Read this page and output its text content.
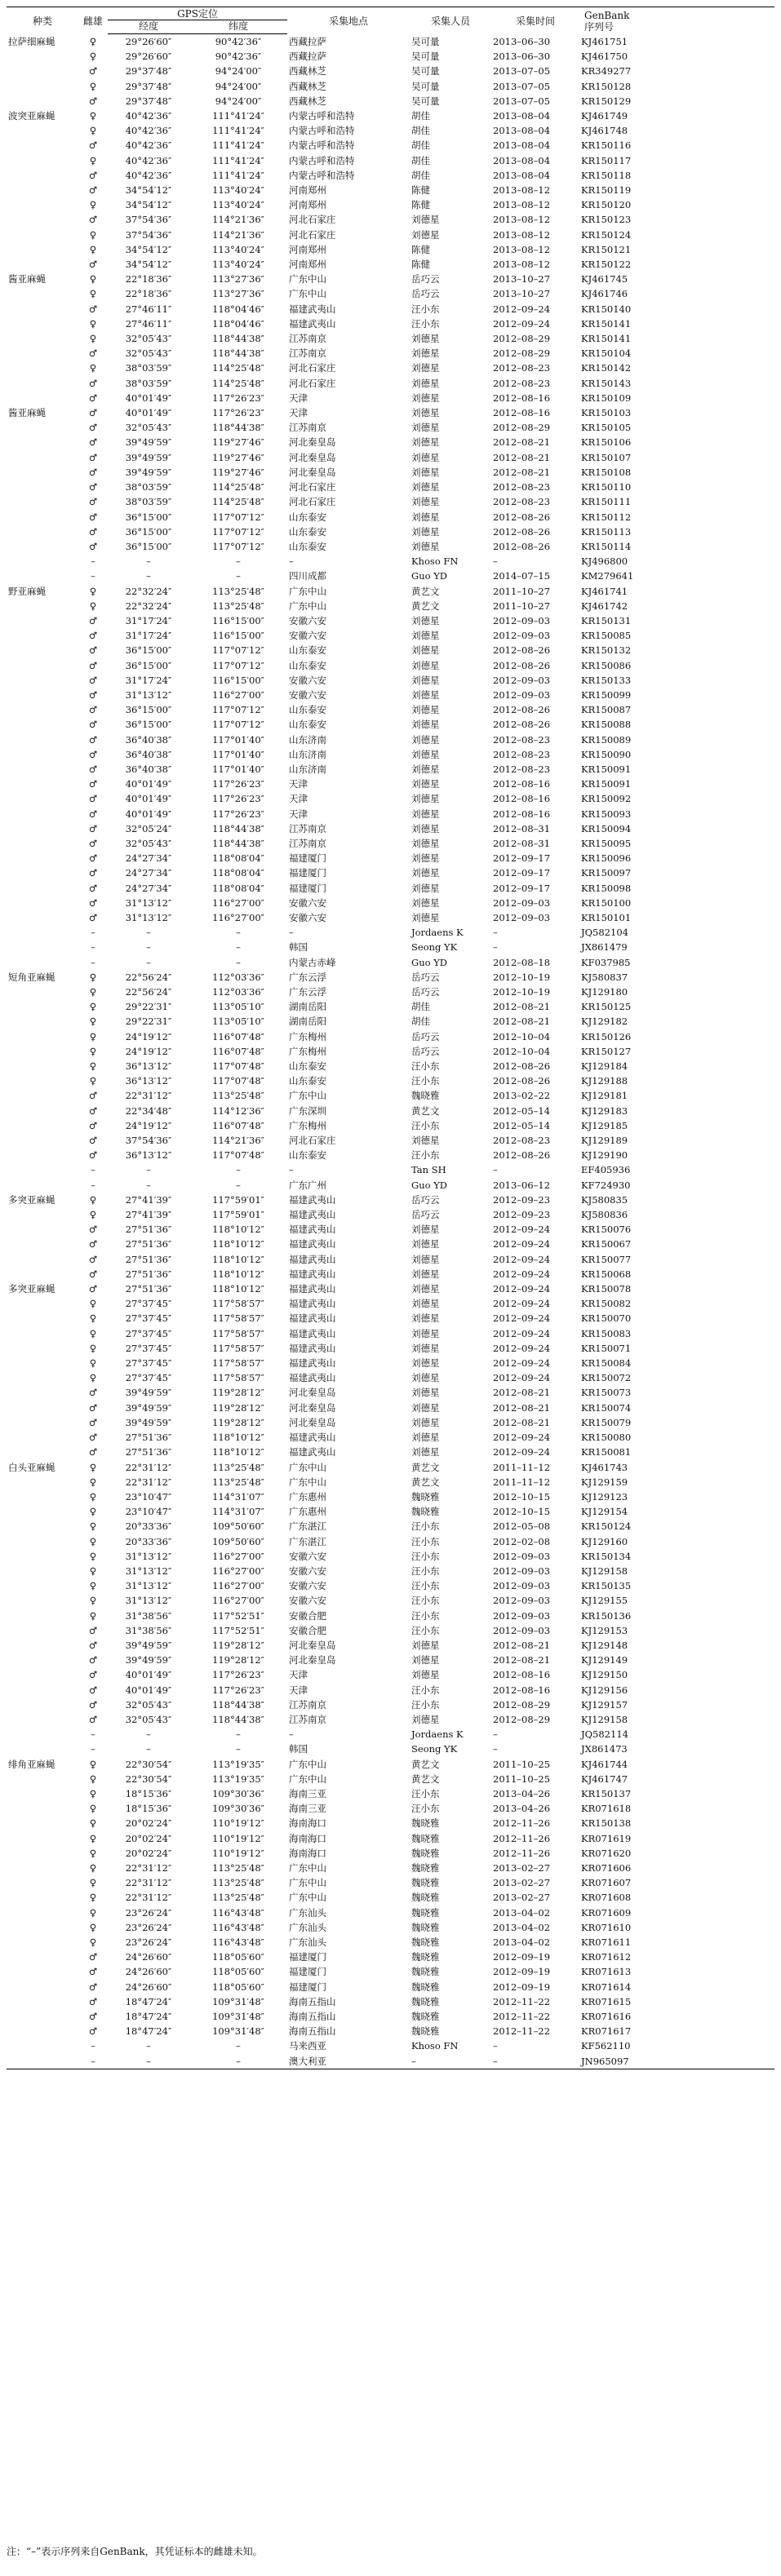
种类	雌雄	GPS定位		采集地点	采集人员	采集时间	GenBank
序列号
		经度	纬度				
拉萨细麻蝇	♀	29°26′60″	90°42′36″	西藏拉萨	吴可量	2013–06–30	KJ461751
	♀	29°26′60″	90°42′36″	西藏拉萨	吴可量	2013–06–30	KJ461750
	♂	29°37′48″	94°24′00″	西藏林芝	吴可量	2013–07–05	KR349277
	♀	29°37′48″	94°24′00″	西藏林芝	吴可量	2013–07–05	KR150128
	♂	29°37′48″	94°24′00″	西藏林芝	吴可量	2013–07–05	KR150129
波突亚麻蝇	♀	40°42′36″	111°41′24″	内蒙古呼和浩特	胡佳	2013–08–04	KJ461749
	♀	40°42′36″	111°41′24″	内蒙古呼和浩特	胡佳	2013–08–04	KJ461748
	♂	40°42′36″	111°41′24″	内蒙古呼和浩特	胡佳	2013–08–04	KR150116
	♀	40°42′36″	111°41′24″	内蒙古呼和浩特	胡佳	2013–08–04	KR150117
	♂	40°42′36″	111°41′24″	内蒙古呼和浩特	胡佳	2013–08–04	KR150118
	♂	34°54′12″	113°40′24″	河南郑州	陈健	2013–08–12	KR150119
	♀	34°54′12″	113°40′24″	河南郑州	陈健	2013–08–12	KR150120
	♂	37°54′36″	114°21′36″	河北石家庄	刘德星	2013–08–12	KR150123
	♀	37°54′36″	114°21′36″	河北石家庄	刘德星	2013–08–12	KR150124
	♀	34°54′12″	113°40′24″	河南郑州	陈健	2013–08–12	KR150121
	♂	34°54′12″	113°40′24″	河南郑州	陈健	2013–08–12	KR150122
酱亚麻蝇	♀	22°18′36″	113°27′36″	广东中山	岳巧云	2013–10–27	KJ461745
	♀	22°18′36″	113°27′36″	广东中山	岳巧云	2013–10–27	KJ461746
	♂	27°46′11″	118°04′46″	福建武夷山	汪小东	2012–09–24	KR150140
	♀	27°46′11″	118°04′46″	福建武夷山	汪小东	2012–09–24	KR150141
	♀	32°05′43″	118°44′38″	江苏南京	刘德星	2012–08–29	KR150141
	♂	32°05′43″	118°44′38″	江苏南京	刘德星	2012–08–29	KR150104
	♀	38°03′59″	114°25′48″	河北石家庄	刘德星	2012–08–23	KR150142
	♂	38°03′59″	114°25′48″	河北石家庄	刘德星	2012–08–23	KR150143
	♂	40°01′49″	117°26′23″	天津	刘德星	2012–08–16	KR150109
酱亚麻蝇	♂	40°01′49″	117°26′23″	天津	刘德星	2012–08–16	KR150103
	♂	32°05′43″	118°44′38″	江苏南京	刘德星	2012–08–29	KR150105
	♂	39°49′59″	119°27′46″	河北秦皇岛	刘德星	2012–08–21	KR150106
	♂	39°49′59″	119°27′46″	河北秦皇岛	刘德星	2012–08–21	KR150107
	♂	39°49′59″	119°27′46″	河北秦皇岛	刘德星	2012–08–21	KR150108
	♂	38°03′59″	114°25′48″	河北石家庄	刘德星	2012–08–23	KR150110
	♂	38°03′59″	114°25′48″	河北石家庄	刘德星	2012–08–23	KR150111
	♂	36°15′00″	117°07′12″	山东泰安	刘德星	2012–08–26	KR150112
	♂	36°15′00″	117°07′12″	山东泰安	刘德星	2012–08–26	KR150113
	♂	36°15′00″	117°07′12″	山东泰安	刘德星	2012–08–26	KR150114
	–	–	–	–	Khoso FN	–	KJ496800
	–	–	–	四川成都	Guo YD	2014–07–15	KM279641
野亚麻蝇	♀	22°32′24″	113°25′48″	广东中山	黄艺文	2011–10–27	KJ461741
	♀	22°32′24″	113°25′48″	广东中山	黄艺文	2011–10–27	KJ461742
	♂	31°17′24″	116°15′00″	安徽六安	刘德星	2012–09–03	KR150131
	♂	31°17′24″	116°15′00″	安徽六安	刘德星	2012–09–03	KR150085
	♂	36°15′00″	117°07′12″	山东泰安	刘德星	2012–08–26	KR150132
	♂	36°15′00″	117°07′12″	山东泰安	刘德星	2012–08–26	KR150086
	♂	31°17′24″	116°15′00″	安徽六安	刘德星	2012–09–03	KR150133
	♂	31°13′12″	116°27′00″	安徽六安	刘德星	2012–09–03	KR150099
	♂	36°15′00″	117°07′12″	山东泰安	刘德星	2012–08–26	KR150087
	♂	36°15′00″	117°07′12″	山东泰安	刘德星	2012–08–26	KR150088
	♂	36°40′38″	117°01′40″	山东济南	刘德星	2012–08–23	KR150089
	♂	36°40′38″	117°01′40″	山东济南	刘德星	2012–08–23	KR150090
	♂	36°40′38″	117°01′40″	山东济南	刘德星	2012–08–23	KR150091
	♂	40°01′49″	117°26′23″	天津	刘德星	2012–08–16	KR150091
	♂	40°01′49″	117°26′23″	天津	刘德星	2012–08–16	KR150092
	♂	40°01′49″	117°26′23″	天津	刘德星	2012–08–16	KR150093
	♂	32°05′24″	118°44′38″	江苏南京	刘德星	2012–08–31	KR150094
	♂	32°05′43″	118°44′38″	江苏南京	刘德星	2012–08–31	KR150095
	♂	24°27′34″	118°08′04″	福建厦门	刘德星	2012–09–17	KR150096
	♂	24°27′34″	118°08′04″	福建厦门	刘德星	2012–09–17	KR150097
	♂	24°27′34″	118°08′04″	福建厦门	刘德星	2012–09–17	KR150098
	♂	31°13′12″	116°27′00″	安徽六安	刘德星	2012–09–03	KR150100
	♂	31°13′12″	116°27′00″	安徽六安	刘德星	2012–09–03	KR150101
	–	–	–	–	Jordaens K	–	JQ582104
	–	–	–	韩国	Seong YK	–	JX861479
	–	–	–	内蒙古赤峰	Guo YD	2012–08–18	KF037985
短角亚麻蝇	♀	22°56′24″	112°03′36″	广东云浮	岳巧云	2012–10–19	KJ580837
	♀	22°56′24″	112°03′36″	广东云浮	岳巧云	2012–10–19	KJ129180
	♀	29°22′31″	113°05′10″	湖南岳阳	胡佳	2012–08–21	KR150125
	♀	29°22′31″	113°05′10″	湖南岳阳	胡佳	2012–08–21	KJ129182
	♀	24°19′12″	116°07′48″	广东梅州	岳巧云	2012–10–04	KR150126
	♀	24°19′12″	116°07′48″	广东梅州	岳巧云	2012–10–04	KR150127
	♀	36°13′12″	117°07′48″	山东泰安	汪小东	2012–08–26	KJ129184
	♀	36°13′12″	117°07′48″	山东泰安	汪小东	2012–08–26	KJ129188
	♂	22°31′12″	113°25′48″	广东中山	魏晓雅	2013–02–22	KJ129181
	♂	22°34′48″	114°12′36″	广东深圳	黄艺文	2012–05–14	KJ129183
	♂	24°19′12″	116°07′48″	广东梅州	汪小东	2012–05–14	KJ129185
	♂	37°54′36″	114°21′36″	河北石家庄	刘德星	2012–08–23	KJ129189
	♂	36°13′12″	117°07′48″	山东泰安	汪小东	2012–08–26	KJ129190
	–	–	–	–	Tan SH	–	EF405936
	–	–	–	广东广州	Guo YD	2013–06–12	KF724930
多突亚麻蝇	♀	27°41′39″	117°59′01″	福建武夷山	岳巧云	2012–09–23	KJ580835
	♀	27°41′39″	117°59′01″	福建武夷山	岳巧云	2012–09–23	KJ580836
	♂	27°51′36″	118°10′12″	福建武夷山	刘德星	2012–09–24	KR150076
	♂	27°51′36″	118°10′12″	福建武夷山	刘德星	2012–09–24	KR150067
	♂	27°51′36″	118°10′12″	福建武夷山	刘德星	2012–09–24	KR150077
	♂	27°51′36″	118°10′12″	福建武夷山	刘德星	2012–09–24	KR150068
多突亚麻蝇	♂	27°51′36″	118°10′12″	福建武夷山	刘德星	2012–09–24	KR150078
	♀	27°37′45″	117°58′57″	福建武夷山	刘德星	2012–09–24	KR150082
	♀	27°37′45″	117°58′57″	福建武夷山	刘德星	2012–09–24	KR150070
	♀	27°37′45″	117°58′57″	福建武夷山	刘德星	2012–09–24	KR150083
	♀	27°37′45″	117°58′57″	福建武夷山	刘德星	2012–09–24	KR150071
	♀	27°37′45″	117°58′57″	福建武夷山	刘德星	2012–09–24	KR150084
	♀	27°37′45″	117°58′57″	福建武夷山	刘德星	2012–09–24	KR150072
	♂	39°49′59″	119°28′12″	河北秦皇岛	刘德星	2012–08–21	KR150073
	♂	39°49′59″	119°28′12″	河北秦皇岛	刘德星	2012–08–21	KR150074
	♂	39°49′59″	119°28′12″	河北秦皇岛	刘德星	2012–08–21	KR150079
	♂	27°51′36″	118°10′12″	福建武夷山	刘德星	2012–09–24	KR150080
	♂	27°51′36″	118°10′12″	福建武夷山	刘德星	2012–09–24	KR150081
白头亚麻蝇	♀	22°31′12″	113°25′48″	广东中山	黄艺文	2011–11–12	KJ461743
	♀	22°31′12″	113°25′48″	广东中山	黄艺文	2011–11–12	KJ129159
	♀	23°10′47″	114°31′07″	广东惠州	魏晓雅	2012–10–15	KJ129123
	♀	23°10′47″	114°31′07″	广东惠州	魏晓雅	2012–10–15	KJ129154
	♀	20°33′36″	109°50′60″	广东湛江	汪小东	2012–05–08	KR150124
	♀	20°33′36″	109°50′60″	广东湛江	汪小东	2012–02–08	KJ129160
	♀	31°13′12″	116°27′00″	安徽六安	汪小东	2012–09–03	KR150134
	♀	31°13′12″	116°27′00″	安徽六安	汪小东	2012–09–03	KJ129158
	♀	31°13′12″	116°27′00″	安徽六安	汪小东	2012–09–03	KR150135
	♀	31°13′12″	116°27′00″	安徽六安	汪小东	2012–09–03	KJ129155
	♀	31°38′56″	117°52′51″	安徽合肥	汪小东	2012–09–03	KR150136
	♂	31°38′56″	117°52′51″	安徽合肥	汪小东	2012–09–03	KJ129153
	♂	39°49′59″	119°28′12″	河北秦皇岛	刘德星	2012–08–21	KJ129148
	♂	39°49′59″	119°28′12″	河北秦皇岛	刘德星	2012–08–21	KJ129149
	♂	40°01′49″	117°26′23″	天津	刘德星	2012–08–16	KJ129150
	♂	40°01′49″	117°26′23″	天津	汪小东	2012–08–16	KJ129156
	♂	32°05′43″	118°44′38″	江苏南京	汪小东	2012–08–29	KJ129157
	♂	32°05′43″	118°44′38″	江苏南京	刘德星	2012–08–29	KJ129158
	–	–	–	–	Jordaens K	–	JQ582114
	–	–	–	韩国	Seong YK	–	JX861473
绯角亚麻蝇	♀	22°30′54″	113°19′35″	广东中山	黄艺文	2011–10–25	KJ461744
	♀	22°30′54″	113°19′35″	广东中山	黄艺文	2011–10–25	KJ461747
	♀	18°15′36″	109°30′36″	海南三亚	汪小东	2013–04–26	KR150137
	♀	18°15′36″	109°30′36″	海南三亚	汪小东	2013–04–26	KR071618
	♀	20°02′24″	110°19′12″	海南海口	魏晓雅	2012–11–26	KR150138
	♀	20°02′24″	110°19′12″	海南海口	魏晓雅	2012–11–26	KR071619
	♀	20°02′24″	110°19′12″	海南海口	魏晓雅	2012–11–26	KR071620
	♀	22°31′12″	113°25′48″	广东中山	魏晓雅	2013–02–27	KR071606
	♀	22°31′12″	113°25′48″	广东中山	魏晓雅	2013–02–27	KR071607
	♀	22°31′12″	113°25′48″	广东中山	魏晓雅	2013–02–27	KR071608
	♀	23°26′24″	116°43′48″	广东汕头	魏晓雅	2013–04–02	KR071609
	♀	23°26′24″	116°43′48″	广东汕头	魏晓雅	2013–04–02	KR071610
	♀	23°26′24″	116°43′48″	广东汕头	魏晓雅	2013–04–02	KR071611
	♂	24°26′60″	118°05′60″	福建厦门	魏晓雅	2012–09–19	KR071612
	♂	24°26′60″	118°05′60″	福建厦门	魏晓雅	2012–09–19	KR071613
	♂	24°26′60″	118°05′60″	福建厦门	魏晓雅	2012–09–19	KR071614
	♂	18°47′24″	109°31′48″	海南五指山	魏晓雅	2012–11–22	KR071615
	♂	18°47′24″	109°31′48″	海南五指山	魏晓雅	2012–11–22	KR071616
	♂	18°47′24″	109°31′48″	海南五指山	魏晓雅	2012–11–22	KR071617
	–	–	–	马来西亚	Khoso FN	–	KF562110
	–	–	–	澳大利亚	–	–	JN965097
注：“–”表示序列来自GenBank，其凭证标本的雌雄未知。
